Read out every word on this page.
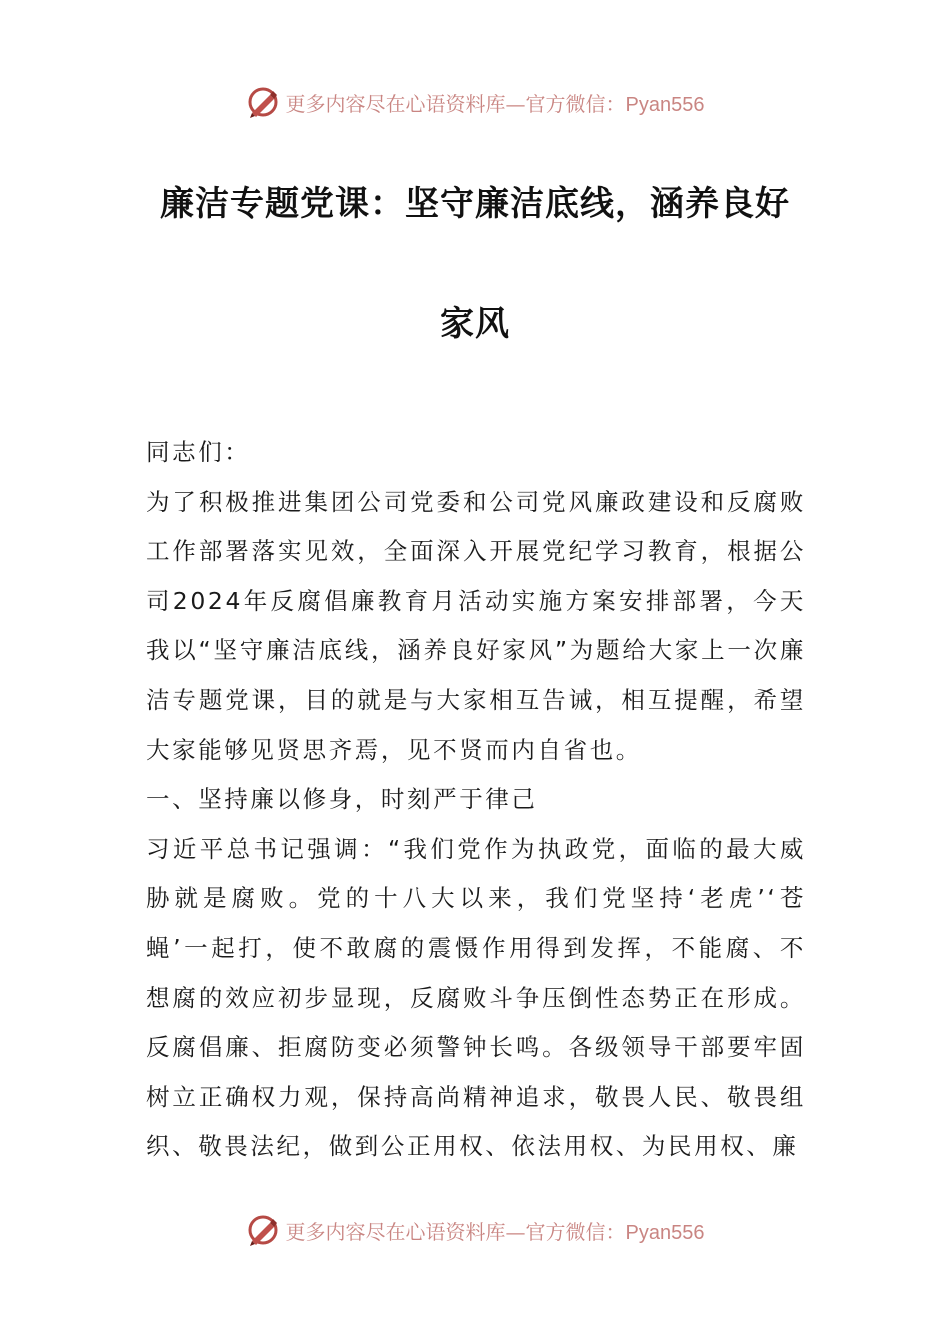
更多内容尽在心语资料库—官方微信：Pyan556
廉洁专题党课：坚守廉洁底线，涵养良好
家风

同志们：

为了积极推进集团公司党委和公司党风廉政建设和反腐败工作部署落实见效，全面深入开展党纪学习教育，根据公司2024年反腐倡廉教育月活动实施方案安排部署，今天我以“坚守廉洁底线，涵养良好家风”为题给大家上一次廉洁专题党课，目的就是与大家相互告诫，相互提醒，希望大家能够见贤思齐焉，见不贤而内自省也。

一、坚持廉以修身，时刻严于律己

习近平总书记强调：“我们党作为执政党，面临的最大威胁就是腐败。党的十八大以来，我们党坚持‘老虎’‘苍蝇’一起打，使不敢腐的震慑作用得到发挥，不能腐、不想腐的效应初步显现，反腐败斗争压倒性态势正在形成。反腐倡廉、拒腐防变必须警钟长鸣。各级领导干部要牢固树立正确权力观，保持高尚精神追求，敬畏人民、敬畏组织、敬畏法纪，做到公正用权、依法用权、为民用权、廉

更多内容尽在心语资料库—官方微信：Pyan556
